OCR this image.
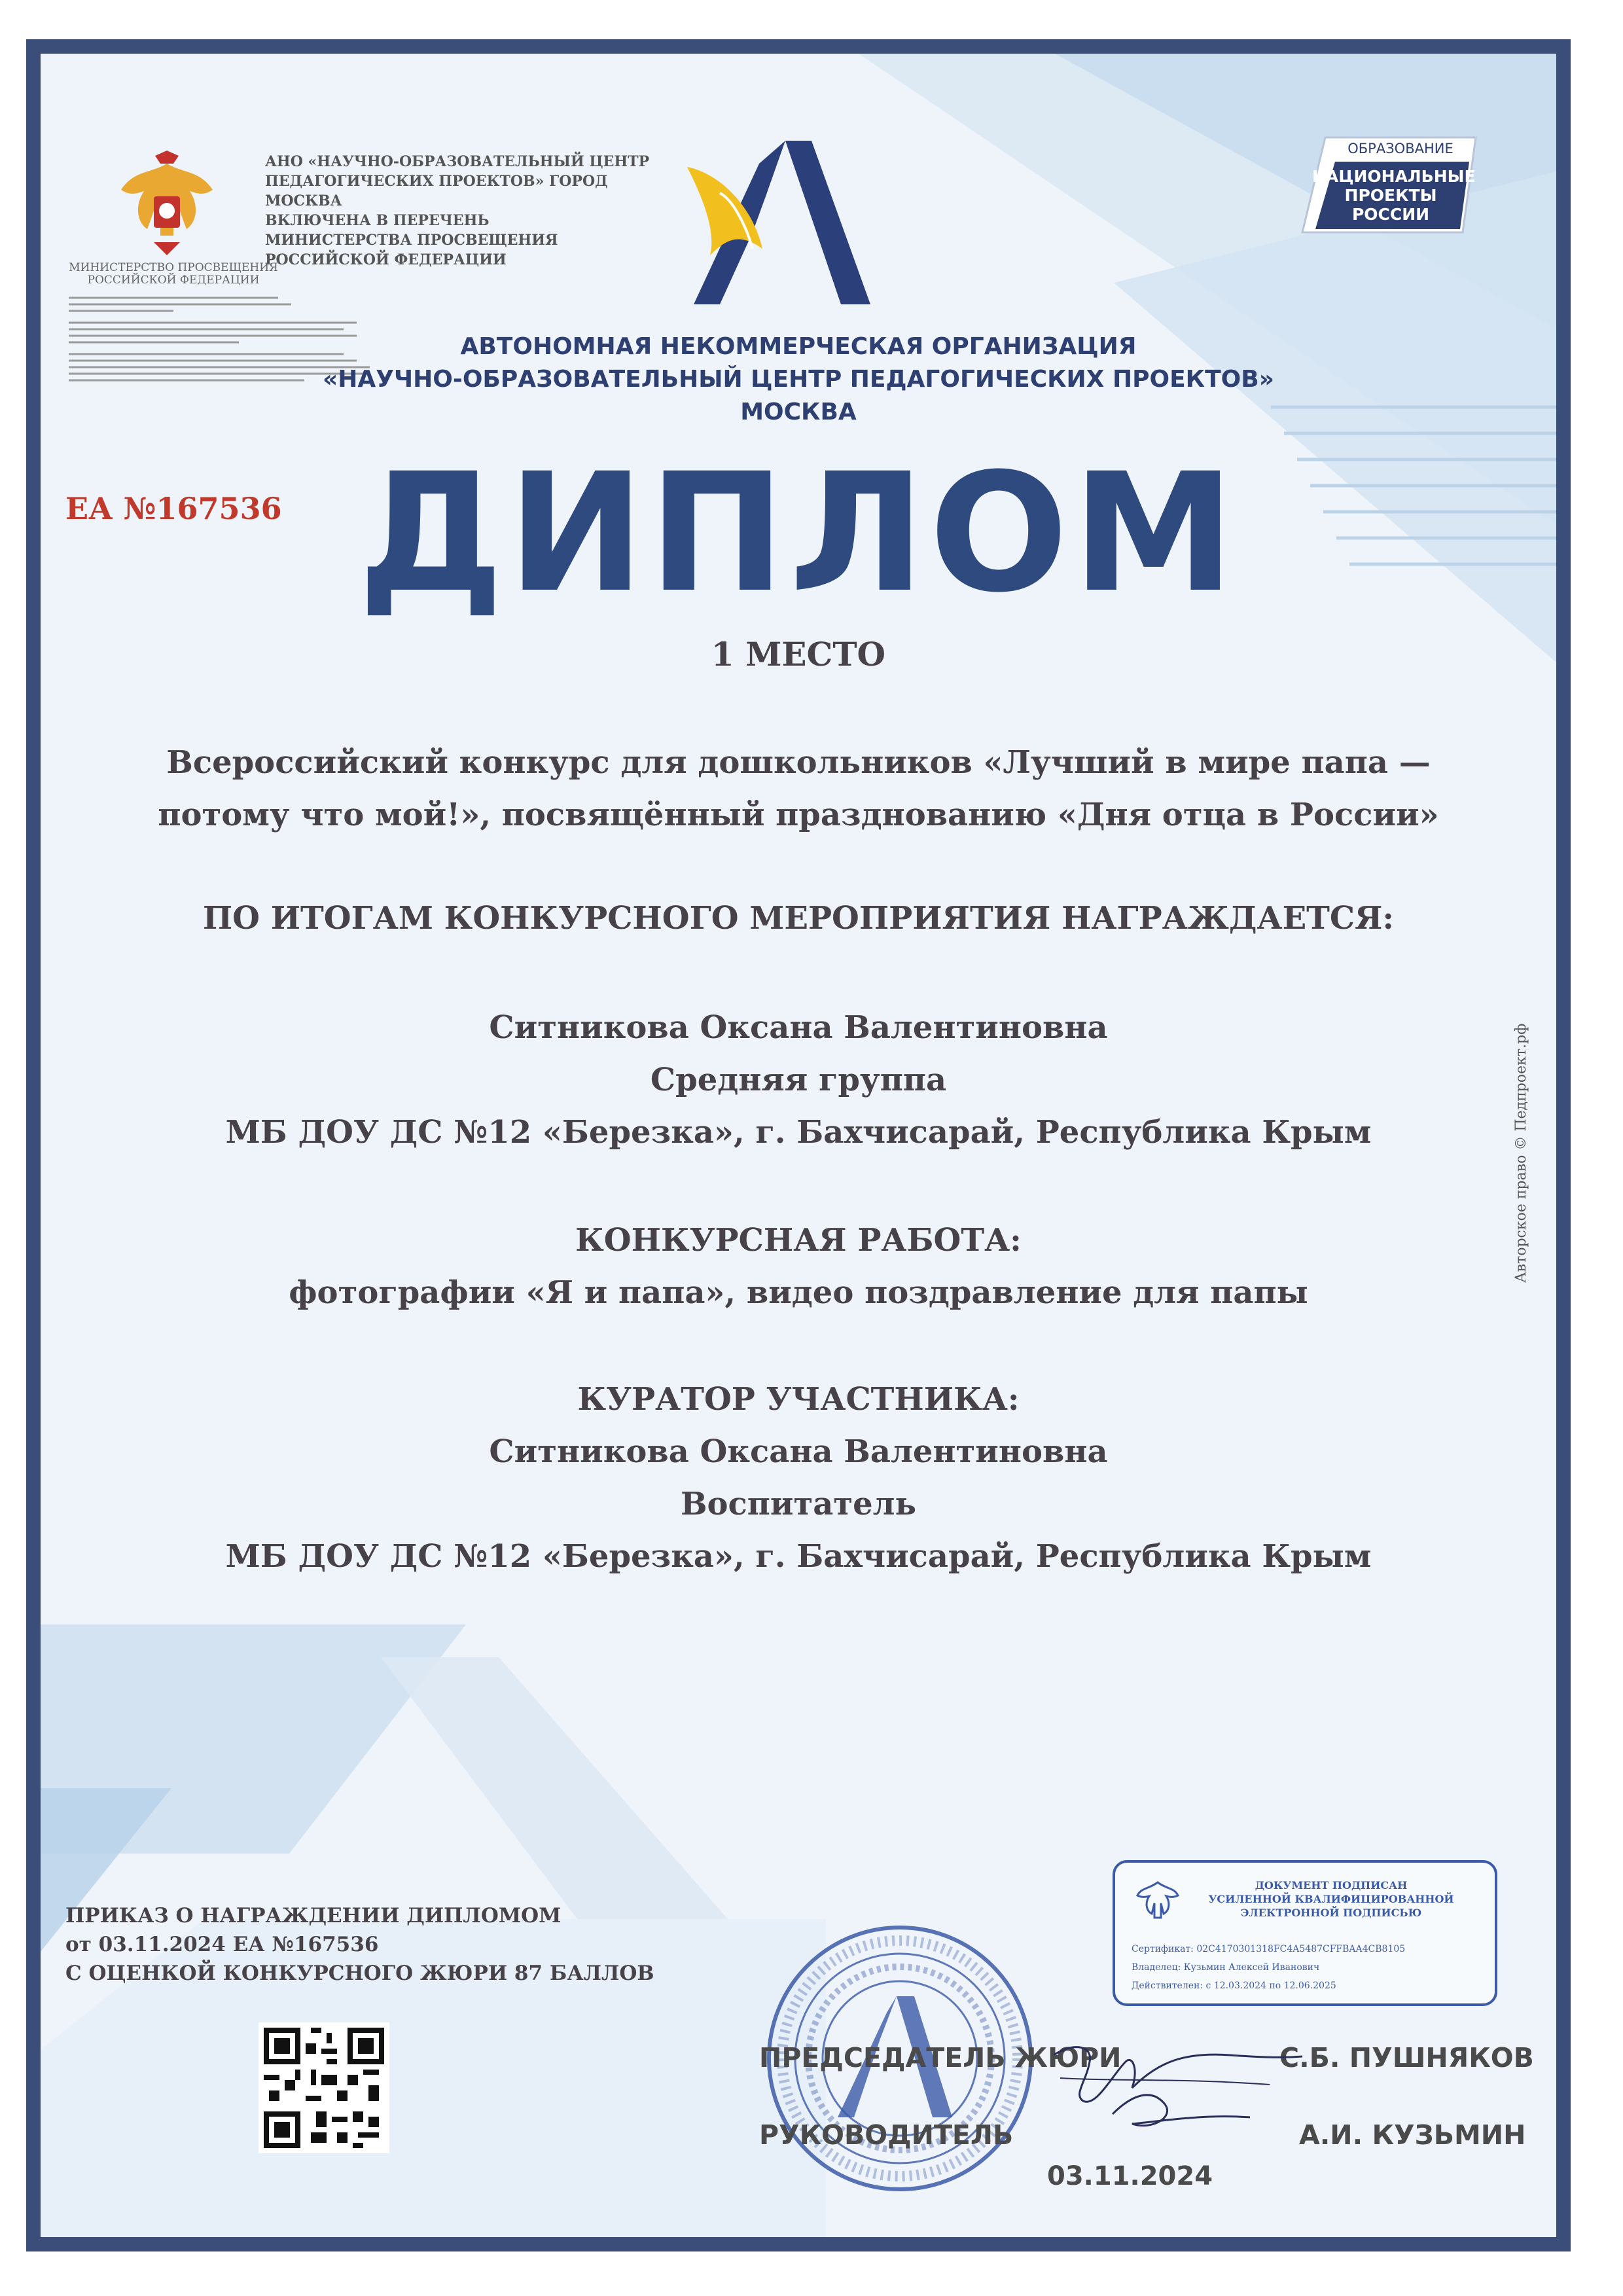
АНО «НАУЧНО-ОБРАЗОВАТЕЛЬНЫЙ ЦЕНТР
ПЕДАГОГИЧЕСКИХ ПРОЕКТОВ» ГОРОД МОСКВА
ВКЛЮЧЕНА В ПЕРЕЧЕНЬ
МИНИСТЕРСТВА ПРОСВЕЩЕНИЯ
РОССИЙСКОЙ ФЕДЕРАЦИИ
МИНИСТЕРСТВО ПРОСВЕЩЕНИЯ
РОССИЙСКОЙ ФЕДЕРАЦИИ
ОБРАЗОВАНИЕ
НАЦИОНАЛЬНЫЕ
ПРОЕКТЫ
РОССИИ
АВТОНОМНАЯ НЕКОММЕРЧЕСКАЯ ОРГАНИЗАЦИЯ
«НАУЧНО-ОБРАЗОВАТЕЛЬНЫЙ ЦЕНТР ПЕДАГОГИЧЕСКИХ ПРОЕКТОВ»
МОСКВА
ЕА №167536 ДИПЛОМ
1 МЕСТО
Всероссийский конкурс для дошкольников «Лучший в мире папа —
потому что мой!», посвящённый празднованию «Дня отца в России»
ПО ИТОГАМ КОНКУРСНОГО МЕРОПРИЯТИЯ НАГРАЖДАЕТСЯ:
Ситникова Оксана Валентиновна
Средняя группа
МБ ДОУ ДС №12 «Березка», г. Бахчисарай, Республика Крым
КОНКУРСНАЯ РАБОТА:
фотографии «Я и папа», видео поздравление для папы
КУРАТОР УЧАСТНИКА:
Ситникова Оксана Валентиновна
Воспитатель
МБ ДОУ ДС №12 «Березка», г. Бахчисарай, Республика Крым
Авторское право © Педпроект.рф
ПРИКАЗ О НАГРАЖДЕНИИ ДИПЛОМОМ
от 03.11.2024 ЕА №167536
С ОЦЕНКОЙ КОНКУРСНОГО ЖЮРИ 87 БАЛЛОВ
ДОКУМЕНТ ПОДПИСАН
УСИЛЕННОЙ КВАЛИФИЦИРОВАННОЙ
ЭЛЕКТРОННОЙ ПОДПИСЬЮ
Сертификат: 02C4170301318FC4A5487CFFBAA4CB8105
Владелец: Кузьмин Алексей Иванович
Действителен: с 12.03.2024 по 12.06.2025
ПРЕДСЕДАТЕЛЬ ЖЮРИ	С.Б. ПУШНЯКОВ
РУКОВОДИТЕЛЬ	А.И. КУЗЬМИН
03.11.2024
